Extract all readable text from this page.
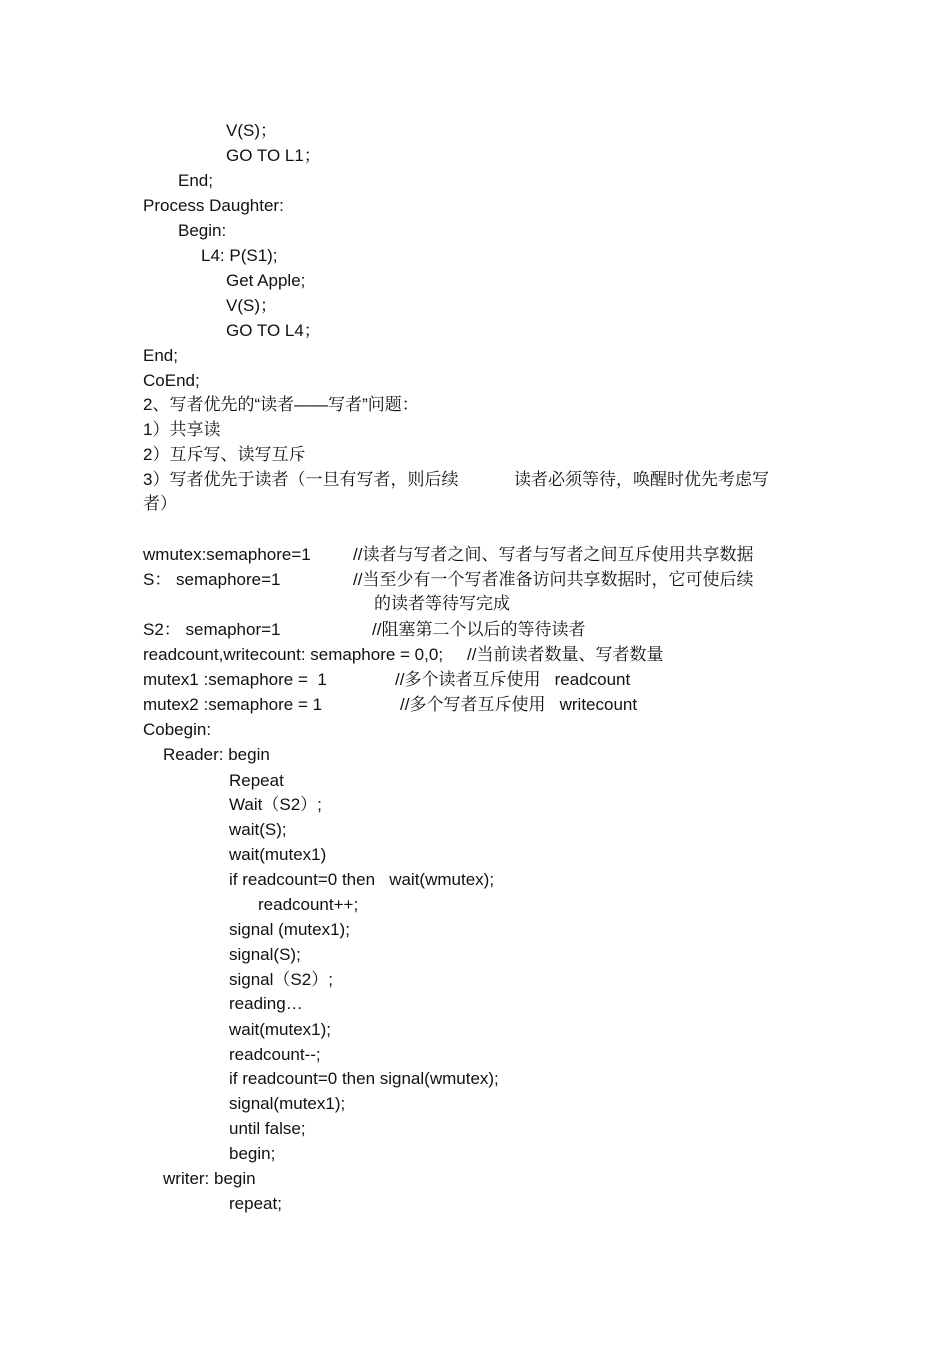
V(S)；
GO TO L1；
End;
Process Daughter:
Begin:
L4: P(S1);
Get Apple;
V(S)；
GO TO L4；
End;
CoEnd;
2、写者优先的“读者——写者”问题：
1）共享读
2）互斥写、读写互斥
3）写者优先于读者（一旦有写者，则后续	读者必须等待，唤醒时优先考虑写
者）
wmutex:semaphore=1 //读者与写者之间、写者与写者之间互斥使用共享数据
S： semaphore=1	//当至少有一个写者准备访问共享数据时，它可使后续
的读者等待写完成
S2： semaphor=1	//阻塞第二个以后的等待读者
readcount,writecount: semaphore = 0,0; //当前读者数量、写者数量
mutex1 :semaphore =  1	//多个读者互斥使用   readcount
mutex2 :semaphore = 1	//多个写者互斥使用   writecount
Cobegin:
Reader: begin
Repeat
Wait（S2）;
wait(S);
wait(mutex1)
if readcount=0 then   wait(wmutex);
readcount++;
signal (mutex1);
signal(S);
signal（S2）;
reading…
wait(mutex1);
readcount--;
if readcount=0 then signal(wmutex);
signal(mutex1);
until false;
begin;
writer: begin
repeat;
